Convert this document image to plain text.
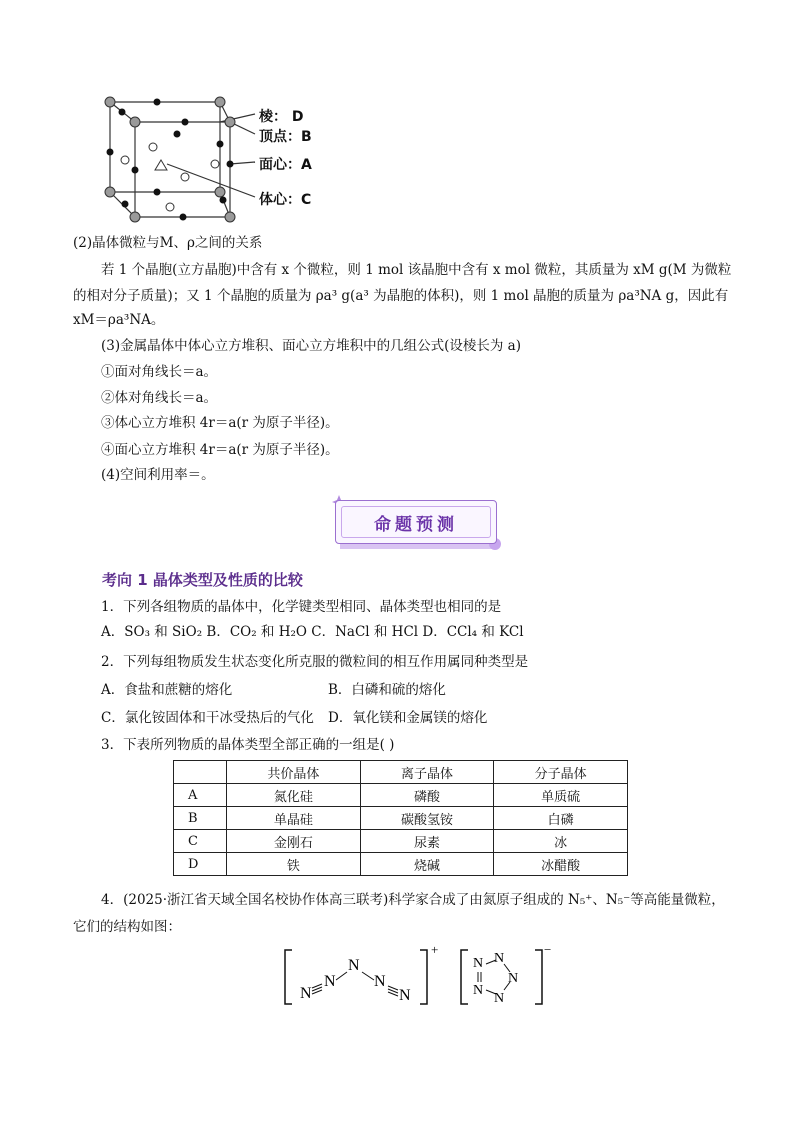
棱： D
顶点：B
面心：A
体心：C
(2)晶体微粒与M、ρ之间的关系
若 1 个晶胞(立方晶胞)中含有 x 个微粒，则 1 mol 该晶胞中含有 x mol 微粒，其质量为 xM g(M 为微粒
的相对分子质量)；又 1 个晶胞的质量为 ρa³ g(a³ 为晶胞的体积)，则 1 mol 晶胞的质量为 ρa³NA g，因此有
xM＝ρa³NA。
(3)金属晶体中体心立方堆积、面心立方堆积中的几组公式(设棱长为 a)
①面对角线长＝a。
②体对角线长＝a。
③体心立方堆积 4r＝a(r 为原子半径)。
④面心立方堆积 4r＝a(r 为原子半径)。
(4)空间利用率＝。
命题预测
考向 1 晶体类型及性质的比较
1．下列各组物质的晶体中，化学键类型相同、晶体类型也相同的是
A．SO₃ 和 SiO₂ B．CO₂ 和 H₂O C．NaCl 和 HCl D．CCl₄ 和 KCl
2．下列每组物质发生状态变化所克服的微粒间的相互作用属同种类型是
A．食盐和蔗糖的熔化	B．白磷和硫的熔化
C．氯化铵固体和干冰受热后的气化 D．氧化镁和金属镁的熔化
3．下表所列物质的晶体类型全部正确的一组是( )
	共价晶体	离子晶体	分子晶体
A	氮化硅	磷酸	单质硫
B	单晶硅	碳酸氢铵	白磷
C	金刚石	尿素	冰
D	铁	烧碱	冰醋酸
4．(2025·浙江省天域全国名校协作体高三联考)科学家合成了由氮原子组成的 N₅⁺、N₅⁻等高能量微粒，
它们的结构如图：
N
N
N
N
N
+
N N
N
N
N
−
